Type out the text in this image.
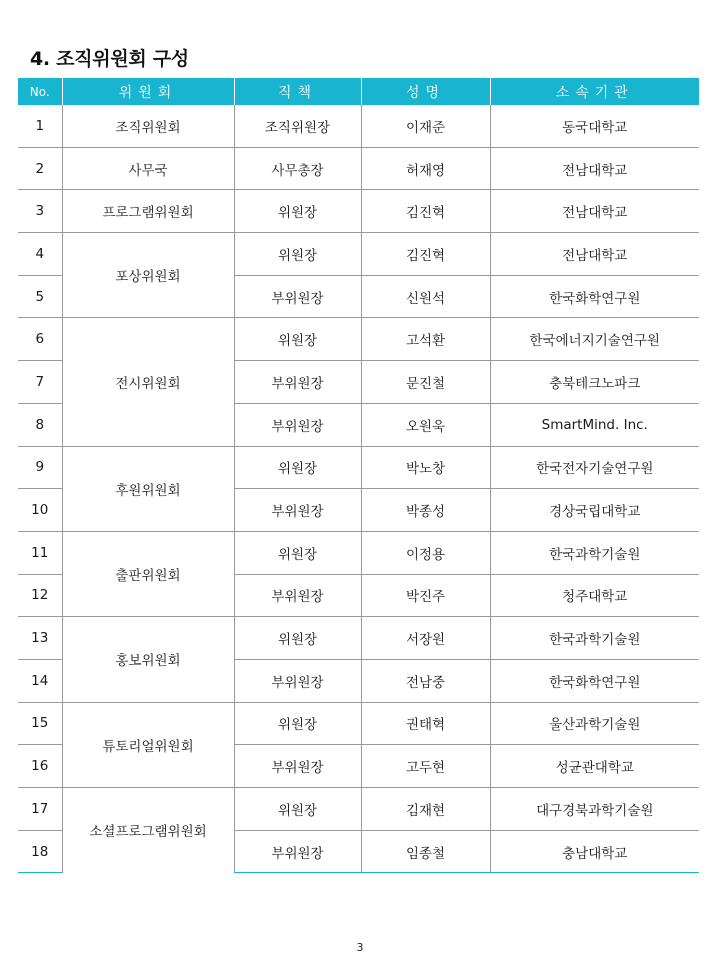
4. 조직위원회 구성
No.	위원회	직책	성명	소속기관
1	조직위원회	조직위원장	이재준	동국대학교
2	사무국	사무총장	허재영	전남대학교
3	프로그램위원회	위원장	김진혁	전남대학교
4	포상위원회	위원장	김진혁	전남대학교
5		부위원장	신원석	한국화학연구원
6	전시위원회	위원장	고석환	한국에너지기술연구원
7		부위원장	문진철	충북테크노파크
8		부위원장	오원욱	SmartMind. Inc.
9	후원위원회	위원장	박노창	한국전자기술연구원
10		부위원장	박종성	경상국립대학교
11	출판위원회	위원장	이정용	한국과학기술원
12		부위원장	박진주	청주대학교
13	홍보위원회	위원장	서장원	한국과학기술원
14		부위원장	전남중	한국화학연구원
15	튜토리얼위원회	위원장	권태혁	울산과학기술원
16		부위원장	고두현	성균관대학교
17	소셜프로그램위원회	위원장	김재현	대구경북과학기술원
18		부위원장	임종철	충남대학교
3
